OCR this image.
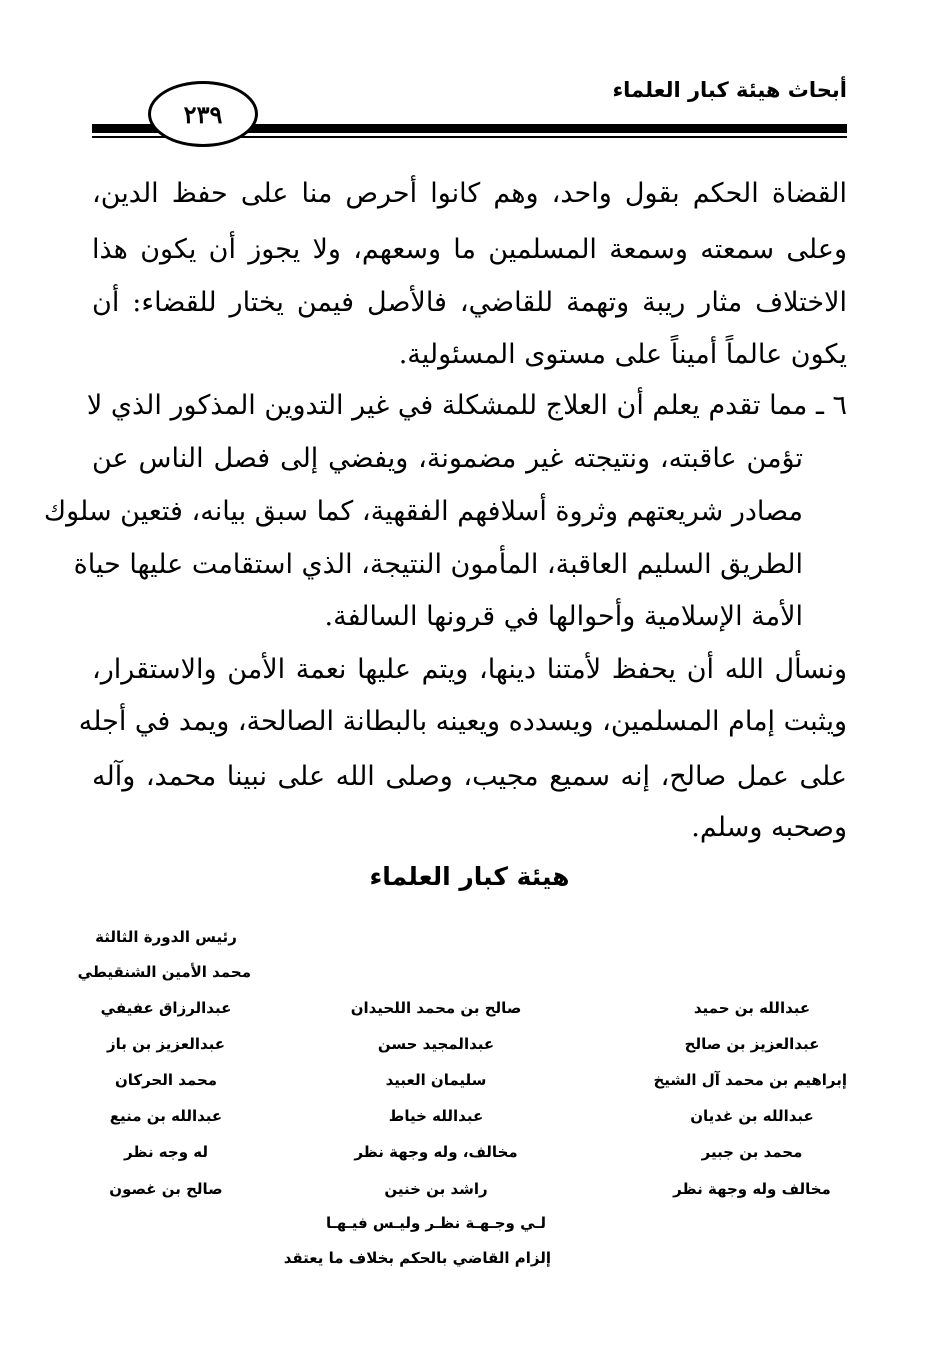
أبحاث هيئة كبار العلماء
٢٣٩
القضاة الحكم بقول واحد، وهم كانوا أحرص منا على حفظ الدين،
وعلى سمعته وسمعة المسلمين ما وسعهم، ولا يجوز أن يكون هذا
الاختلاف مثار ريبة وتهمة للقاضي، فالأصل فيمن يختار للقضاء: أن
يكون عالماً أميناً على مستوى المسئولية.
٦ ـ مما تقدم يعلم أن العلاج للمشكلة في غير التدوين المذكور الذي لا
تؤمن عاقبته، ونتيجته غير مضمونة، ويفضي إلى فصل الناس عن
مصادر شريعتهم وثروة أسلافهم الفقهية، كما سبق بيانه، فتعين سلوك
الطريق السليم العاقبة، المأمون النتيجة، الذي استقامت عليها حياة
الأمة الإسلامية وأحوالها في قرونها السالفة.
ونسأل الله أن يحفظ لأمتنا دينها، ويتم عليها نعمة الأمن والاستقرار،
ويثبت إمام المسلمين، ويسدده ويعينه بالبطانة الصالحة، ويمد في أجله
على عمل صالح، إنه سميع مجيب، وصلى الله على نبينا محمد، وآله
وصحبه وسلم.
هيئة كبار العلماء
رئيس الدورة الثالثة
محمد الأمين الشنقيطي
عبدالرزاق عفيفي
عبدالعزيز بن باز
محمد الحركان
عبدالله بن منيع
له وجه نظر
صالح بن غصون
صالح بن محمد اللحيدان
عبدالمجيد حسن
سليمان العبيد
عبدالله خياط
مخالف، وله وجهة نظر
راشد بن خنين
لـي وجـهـة نظـر وليـس فيـهـا
إلزام القاضي بالحكم بخلاف ما يعتقد
عبدالله بن حميد
عبدالعزيز بن صالح
إبراهيم بن محمد آل الشيخ
عبدالله بن غديان
محمد بن جبير
مخالف وله وجهة نظر
